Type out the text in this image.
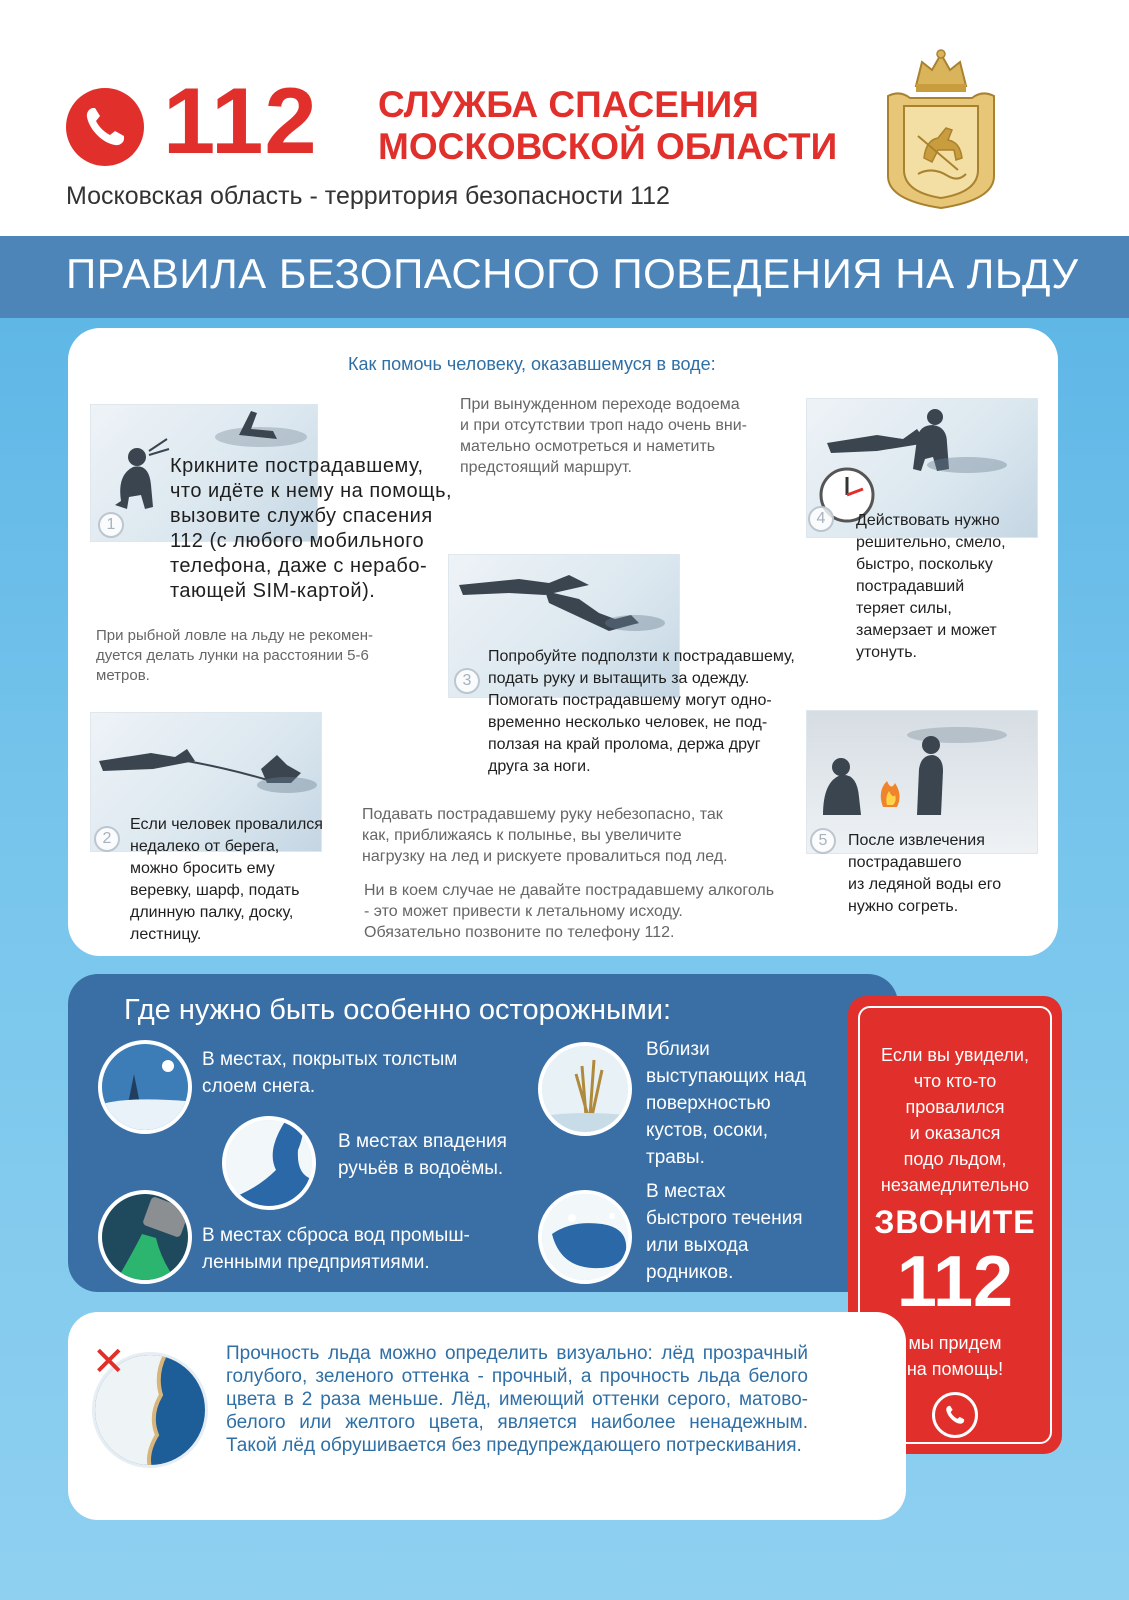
112 СЛУЖБА СПАСЕНИЯ
МОСКОВСКОЙ ОБЛАСТИ
Московская область - территория безопасности 112
ПРАВИЛА БЕЗОПАСНОГО ПОВЕДЕНИЯ НА ЛЬДУ
Как помочь человеку, оказавшемуся в воде:
1
Крикните пострадавшему,
что идёте к нему на помощь,
вызовите службу спасения
112 (с любого мобильного
телефона, даже с нерабо-
тающей SIM-картой).
При рыбной ловле на льду не рекомен-
дуется делать лунки на расстоянии 5-6
метров.
При вынужденном переходе водоема
и при отсутствии троп надо очень вни-
мательно осмотреться и наметить
предстоящий маршрут.
3
Попробуйте подползти к пострадавшему,
подать руку и вытащить за одежду.
Помогать пострадавшему могут одно-
временно несколько человек, не под-
ползая на край пролома, держа друг
друга за ноги.
4	Действовать нужно
решительно, смело,
быстро, поскольку
пострадавший
теряет силы,
замерзает и может
утонуть.
2
Если человек провалился
недалеко от берега,
можно бросить ему
веревку, шарф, подать
длинную палку, доску,
лестницу.
Подавать пострадавшему руку небезопасно, так
как, приближаясь к полынье, вы увеличите
нагрузку на лед и рискуете провалиться под лед.
Ни в коем случае не давайте пострадавшему алкоголь
- это может привести к летальному исходу.
Обязательно позвоните по телефону 112.
5	После извлечения
пострадавшего
из ледяной воды его
нужно согреть.
Где нужно быть особенно осторожными:
В местах, покрытых толстым
слоем снега.
В местах впадения
ручьёв в водоёмы.
В местах сброса вод промыш-
ленными предприятиями.
Вблизи
выступающих над
поверхностью
кустов, осоки,
травы.
В местах
быстрого течения
или выхода
родников.
Если вы увидели,
что кто-то
провалился
и оказался
подо льдом,
незамедлительно
ЗВОНИТЕ
112
мы придем
на помощь!
✕	Прочность льда можно определить визуально: лёд прозрачный голубого, зеленого оттенка - прочный, а прочность льда белого цвета в 2 раза меньше. Лёд, имеющий оттенки серого, матово-белого или желтого цвета, является наиболее ненадежным. Такой лёд обрушивается без предупреждающего потрескивания.
